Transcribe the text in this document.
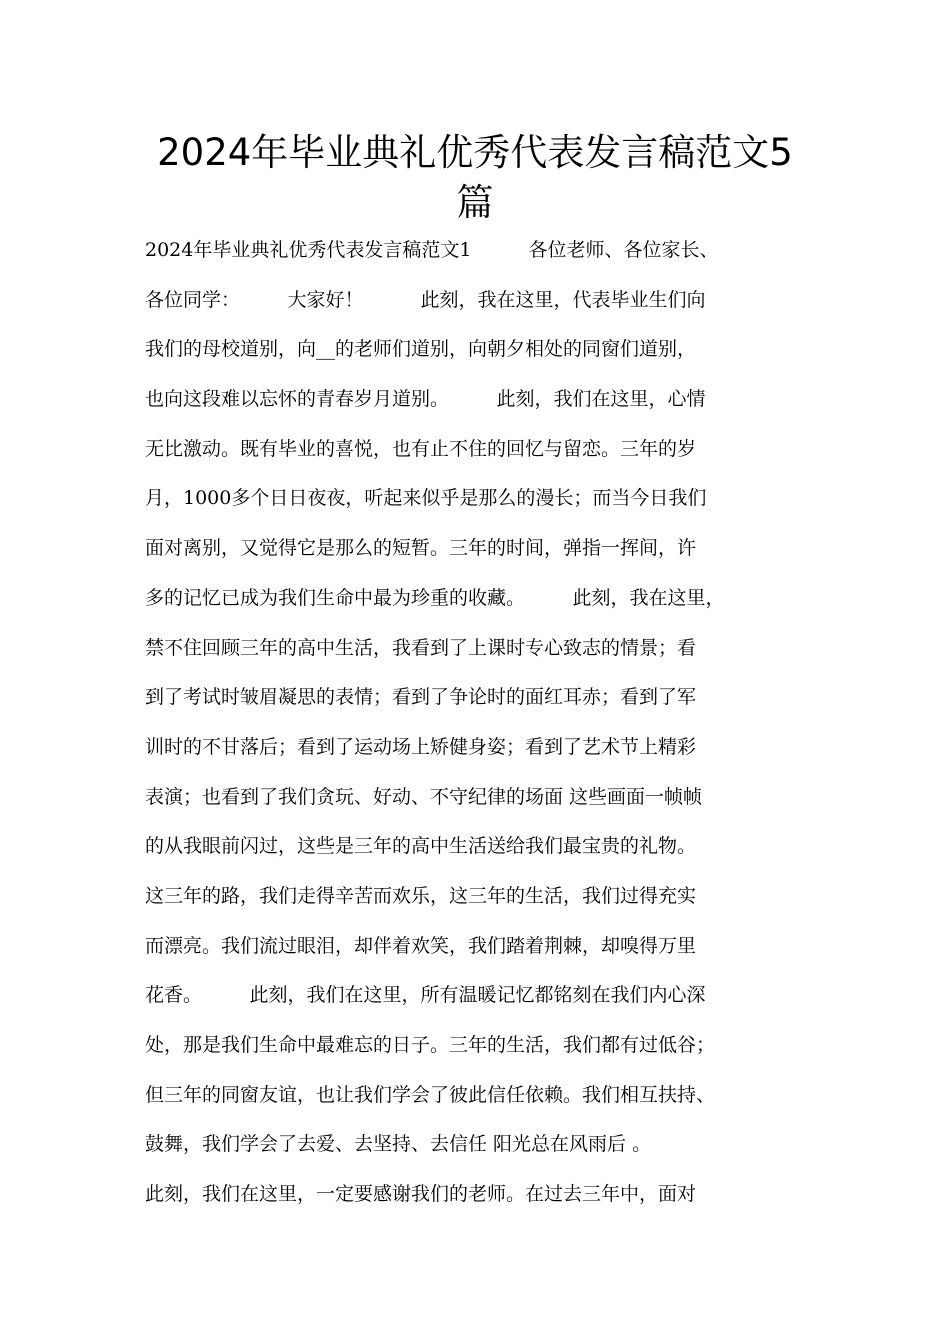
2024年毕业典礼优秀代表发言稿范文5
篇
2024年毕业典礼优秀代表发言稿范文1　　　各位老师、各位家长、
各位同学：　　　大家好！　　　此刻，我在这里，代表毕业生们向
我们的母校道别，向__的老师们道别，向朝夕相处的同窗们道别，
也向这段难以忘怀的青春岁月道别。　　　此刻，我们在这里，心情
无比激动。既有毕业的喜悦，也有止不住的回忆与留恋。三年的岁
月，1000多个日日夜夜，听起来似乎是那么的漫长；而当今日我们
面对离别，又觉得它是那么的短暂。三年的时间，弹指一挥间，许
多的记忆已成为我们生命中最为珍重的收藏。　　　此刻，我在这里，
禁不住回顾三年的高中生活，我看到了上课时专心致志的情景；看
到了考试时皱眉凝思的表情；看到了争论时的面红耳赤；看到了军
训时的不甘落后；看到了运动场上矫健身姿；看到了艺术节上精彩
表演；也看到了我们贪玩、好动、不守纪律的场面 这些画面一帧帧
的从我眼前闪过，这些是三年的高中生活送给我们最宝贵的礼物。
这三年的路，我们走得辛苦而欢乐，这三年的生活，我们过得充实
而漂亮。我们流过眼泪，却伴着欢笑，我们踏着荆棘，却嗅得万里
花香。　　　此刻，我们在这里，所有温暖记忆都铭刻在我们内心深
处，那是我们生命中最难忘的日子。三年的生活，我们都有过低谷；
但三年的同窗友谊，也让我们学会了彼此信任依赖。我们相互扶持、
鼓舞，我们学会了去爱、去坚持、去信任 阳光总在风雨后 。
此刻，我们在这里，一定要感谢我们的老师。在过去三年中，面对
